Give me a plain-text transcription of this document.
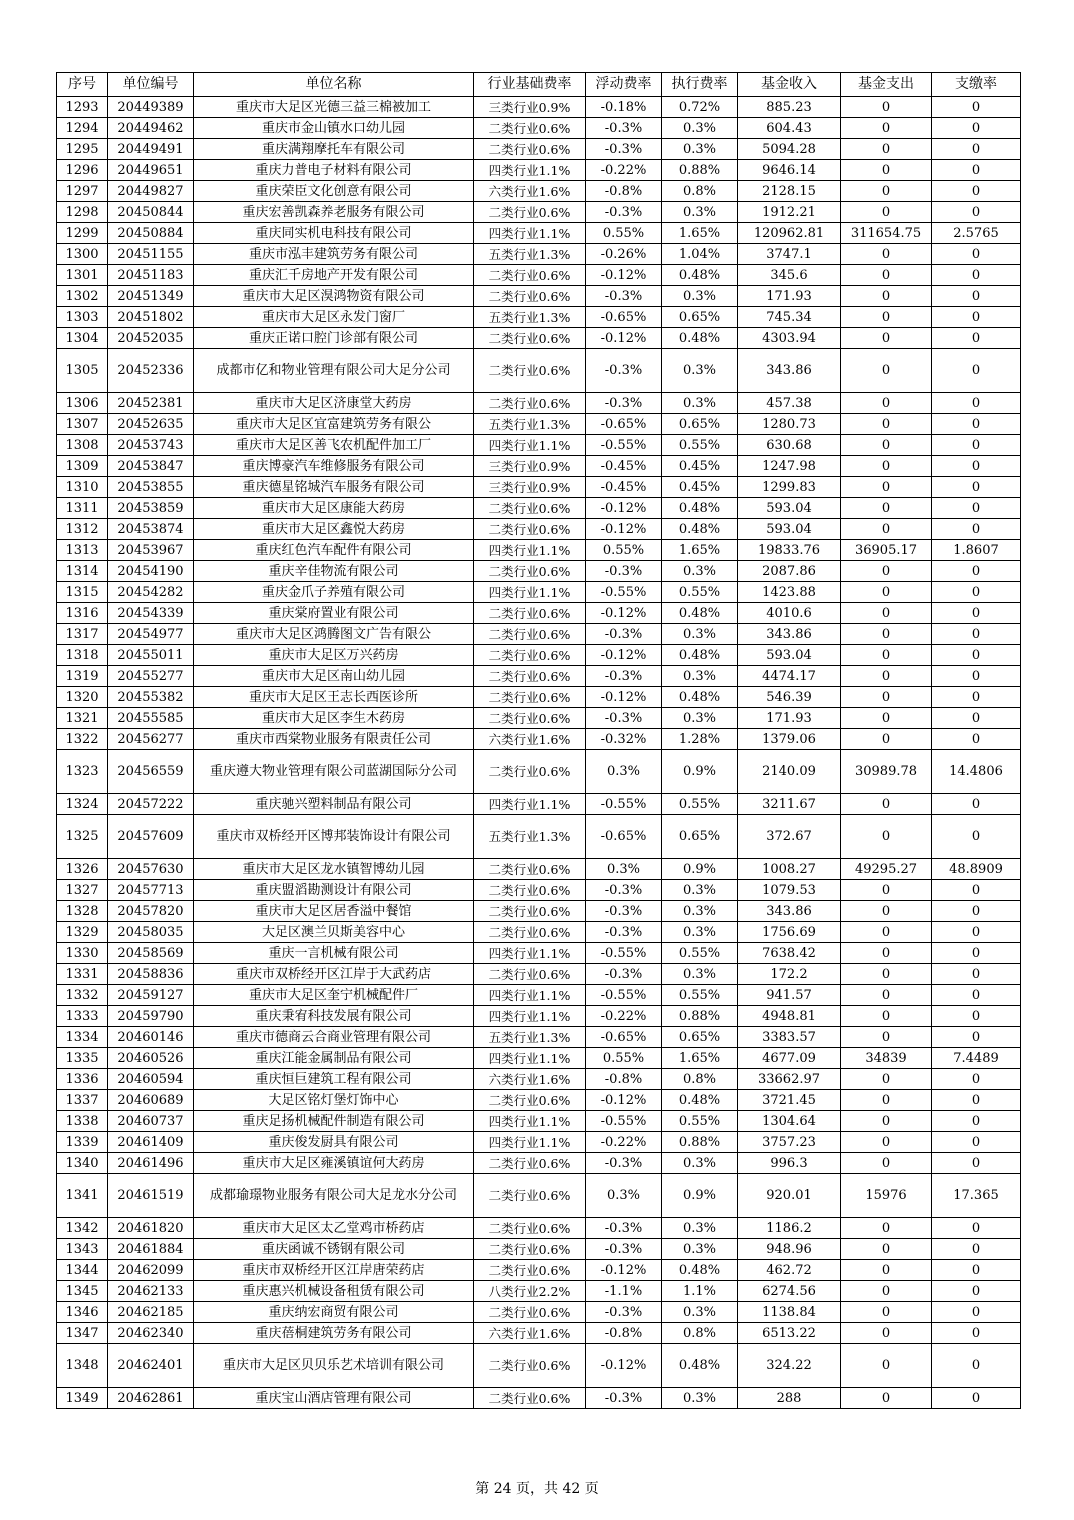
序号	单位编号	单位名称	行业基础费率	浮动费率	执行费率	基金收入	基金支出	支缴率
1293	20449389	重庆市大足区光德三益三棉被加工	三类行业0.9%	-0.18%	0.72%	885.23	0	0
1294	20449462	重庆市金山镇水口幼儿园	二类行业0.6%	-0.3%	0.3%	604.43	0	0
1295	20449491	重庆满翔摩托车有限公司	二类行业0.6%	-0.3%	0.3%	5094.28	0	0
1296	20449651	重庆力普电子材料有限公司	四类行业1.1%	-0.22%	0.88%	9646.14	0	0
1297	20449827	重庆荣臣文化创意有限公司	六类行业1.6%	-0.8%	0.8%	2128.15	0	0
1298	20450844	重庆宏善凯森养老服务有限公司	二类行业0.6%	-0.3%	0.3%	1912.21	0	0
1299	20450884	重庆同实机电科技有限公司	四类行业1.1%	0.55%	1.65%	120962.81	311654.75	2.5765
1300	20451155	重庆市泓丰建筑劳务有限公司	五类行业1.3%	-0.26%	1.04%	3747.1	0	0
1301	20451183	重庆汇千房地产开发有限公司	二类行业0.6%	-0.12%	0.48%	345.6	0	0
1302	20451349	重庆市大足区湨鸿物资有限公司	二类行业0.6%	-0.3%	0.3%	171.93	0	0
1303	20451802	重庆市大足区永发门窗厂	五类行业1.3%	-0.65%	0.65%	745.34	0	0
1304	20452035	重庆正诺口腔门诊部有限公司	二类行业0.6%	-0.12%	0.48%	4303.94	0	0
1305	20452336	成都市亿和物业管理有限公司大足分公司	二类行业0.6%	-0.3%	0.3%	343.86	0	0
1306	20452381	重庆市大足区济康堂大药房	二类行业0.6%	-0.3%	0.3%	457.38	0	0
1307	20452635	重庆市大足区宜富建筑劳务有限公	五类行业1.3%	-0.65%	0.65%	1280.73	0	0
1308	20453743	重庆市大足区善飞农机配件加工厂	四类行业1.1%	-0.55%	0.55%	630.68	0	0
1309	20453847	重庆博豪汽车维修服务有限公司	三类行业0.9%	-0.45%	0.45%	1247.98	0	0
1310	20453855	重庆德星铭城汽车服务有限公司	三类行业0.9%	-0.45%	0.45%	1299.83	0	0
1311	20453859	重庆市大足区康能大药房	二类行业0.6%	-0.12%	0.48%	593.04	0	0
1312	20453874	重庆市大足区鑫悦大药房	二类行业0.6%	-0.12%	0.48%	593.04	0	0
1313	20453967	重庆红色汽车配件有限公司	四类行业1.1%	0.55%	1.65%	19833.76	36905.17	1.8607
1314	20454190	重庆辛佳物流有限公司	二类行业0.6%	-0.3%	0.3%	2087.86	0	0
1315	20454282	重庆金爪子养殖有限公司	四类行业1.1%	-0.55%	0.55%	1423.88	0	0
1316	20454339	重庆棠府置业有限公司	二类行业0.6%	-0.12%	0.48%	4010.6	0	0
1317	20454977	重庆市大足区鸿腾图文广告有限公	二类行业0.6%	-0.3%	0.3%	343.86	0	0
1318	20455011	重庆市大足区万兴药房	二类行业0.6%	-0.12%	0.48%	593.04	0	0
1319	20455277	重庆市大足区南山幼儿园	二类行业0.6%	-0.3%	0.3%	4474.17	0	0
1320	20455382	重庆市大足区王志长西医诊所	二类行业0.6%	-0.12%	0.48%	546.39	0	0
1321	20455585	重庆市大足区李生木药房	二类行业0.6%	-0.3%	0.3%	171.93	0	0
1322	20456277	重庆市西棠物业服务有限责任公司	六类行业1.6%	-0.32%	1.28%	1379.06	0	0
1323	20456559	重庆遵大物业管理有限公司蓝湖国际分公司	二类行业0.6%	0.3%	0.9%	2140.09	30989.78	14.4806
1324	20457222	重庆驰兴塑料制品有限公司	四类行业1.1%	-0.55%	0.55%	3211.67	0	0
1325	20457609	重庆市双桥经开区博邦装饰设计有限公司	五类行业1.3%	-0.65%	0.65%	372.67	0	0
1326	20457630	重庆市大足区龙水镇智博幼儿园	二类行业0.6%	0.3%	0.9%	1008.27	49295.27	48.8909
1327	20457713	重庆盟滔勘测设计有限公司	二类行业0.6%	-0.3%	0.3%	1079.53	0	0
1328	20457820	重庆市大足区居香溢中餐馆	二类行业0.6%	-0.3%	0.3%	343.86	0	0
1329	20458035	大足区澳兰贝斯美容中心	二类行业0.6%	-0.3%	0.3%	1756.69	0	0
1330	20458569	重庆一言机械有限公司	四类行业1.1%	-0.55%	0.55%	7638.42	0	0
1331	20458836	重庆市双桥经开区江岸于大武药店	二类行业0.6%	-0.3%	0.3%	172.2	0	0
1332	20459127	重庆市大足区奎宁机械配件厂	四类行业1.1%	-0.55%	0.55%	941.57	0	0
1333	20459790	重庆秉宥科技发展有限公司	四类行业1.1%	-0.22%	0.88%	4948.81	0	0
1334	20460146	重庆市德商云合商业管理有限公司	五类行业1.3%	-0.65%	0.65%	3383.57	0	0
1335	20460526	重庆江能金属制品有限公司	四类行业1.1%	0.55%	1.65%	4677.09	34839	7.4489
1336	20460594	重庆恒巨建筑工程有限公司	六类行业1.6%	-0.8%	0.8%	33662.97	0	0
1337	20460689	大足区铭灯堡灯饰中心	二类行业0.6%	-0.12%	0.48%	3721.45	0	0
1338	20460737	重庆足扬机械配件制造有限公司	四类行业1.1%	-0.55%	0.55%	1304.64	0	0
1339	20461409	重庆俊发厨具有限公司	四类行业1.1%	-0.22%	0.88%	3757.23	0	0
1340	20461496	重庆市大足区雍溪镇谊何大药房	二类行业0.6%	-0.3%	0.3%	996.3	0	0
1341	20461519	成都瑜璟物业服务有限公司大足龙水分公司	二类行业0.6%	0.3%	0.9%	920.01	15976	17.365
1342	20461820	重庆市大足区太乙堂鸡市桥药店	二类行业0.6%	-0.3%	0.3%	1186.2	0	0
1343	20461884	重庆函诚不锈钢有限公司	二类行业0.6%	-0.3%	0.3%	948.96	0	0
1344	20462099	重庆市双桥经开区江岸唐荣药店	二类行业0.6%	-0.12%	0.48%	462.72	0	0
1345	20462133	重庆惠兴机械设备租赁有限公司	八类行业2.2%	-1.1%	1.1%	6274.56	0	0
1346	20462185	重庆纳宏商贸有限公司	二类行业0.6%	-0.3%	0.3%	1138.84	0	0
1347	20462340	重庆蓓桐建筑劳务有限公司	六类行业1.6%	-0.8%	0.8%	6513.22	0	0
1348	20462401	重庆市大足区贝贝乐艺术培训有限公司	二类行业0.6%	-0.12%	0.48%	324.22	0	0
1349	20462861	重庆宝山酒店管理有限公司	二类行业0.6%	-0.3%	0.3%	288	0	0
第 24 页，共 42 页
